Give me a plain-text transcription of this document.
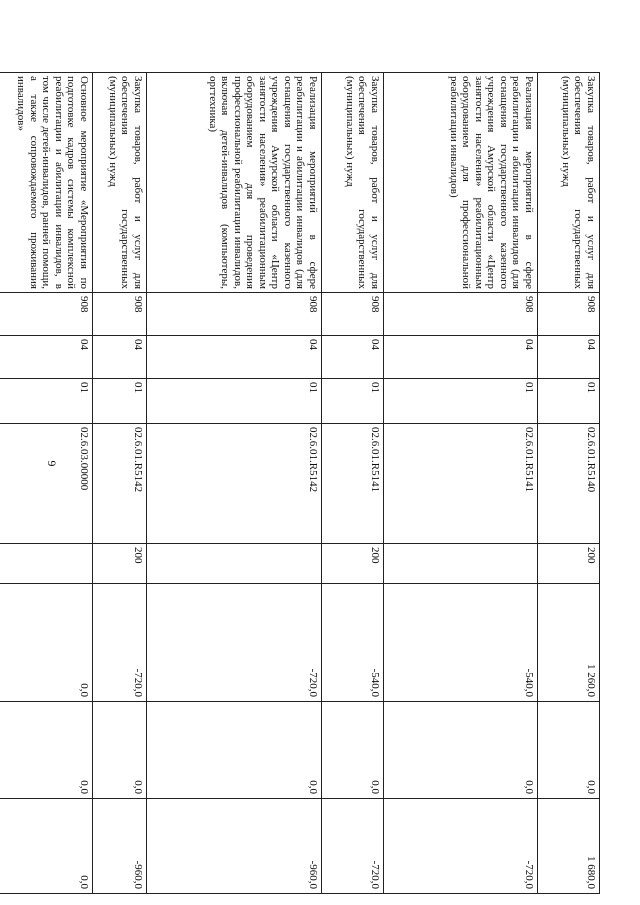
6
Закупка товаров, работ и услуг для обеспечения государственных (муниципальных) нужд	908	04	01	02.6.01.R5140	200	1 260,0	0,0	1 680,0
Реализация мероприятий в сфере реабилитации и абилитации инвалидов (для оснащения государственного казенного учреждения Амурской области «Центр занятости населения» реабилитационным оборудованием для профессиональной реабилитации инвалидов)	908	04	01	02.6.01.R5141		-540,0	0,0	-720,0
Закупка товаров, работ и услуг для обеспечения государственных (муниципальных) нужд	908	04	01	02.6.01.R5141	200	-540,0	0,0	-720,0
Реализация мероприятий в сфере реабилитации и абилитации инвалидов (для оснащения государственного казенного учреждения Амурской области «Центр занятости населения» реабилитационным оборудованием для проведения профессиональной реабилитации инвалидов, включая детей-инвалидов (компьютеры, оргтехника)	908	04	01	02.6.01.R5142		-720,0	0,0	-960,0
Закупка товаров, работ и услуг для обеспечения государственных (муниципальных) нужд	908	04	01	02.6.01.R5142	200	-720,0	0,0	-960,0
Основное мероприятие «Мероприятия по подготовке кадров системы комплексной реабилитации и абилитации инвалидов, в том числе детей-инвалидов, ранней помощи, а также сопровождаемого проживания инвалидов»	908	04	01	02.6.03.00000		0,0	0,0	0,0
